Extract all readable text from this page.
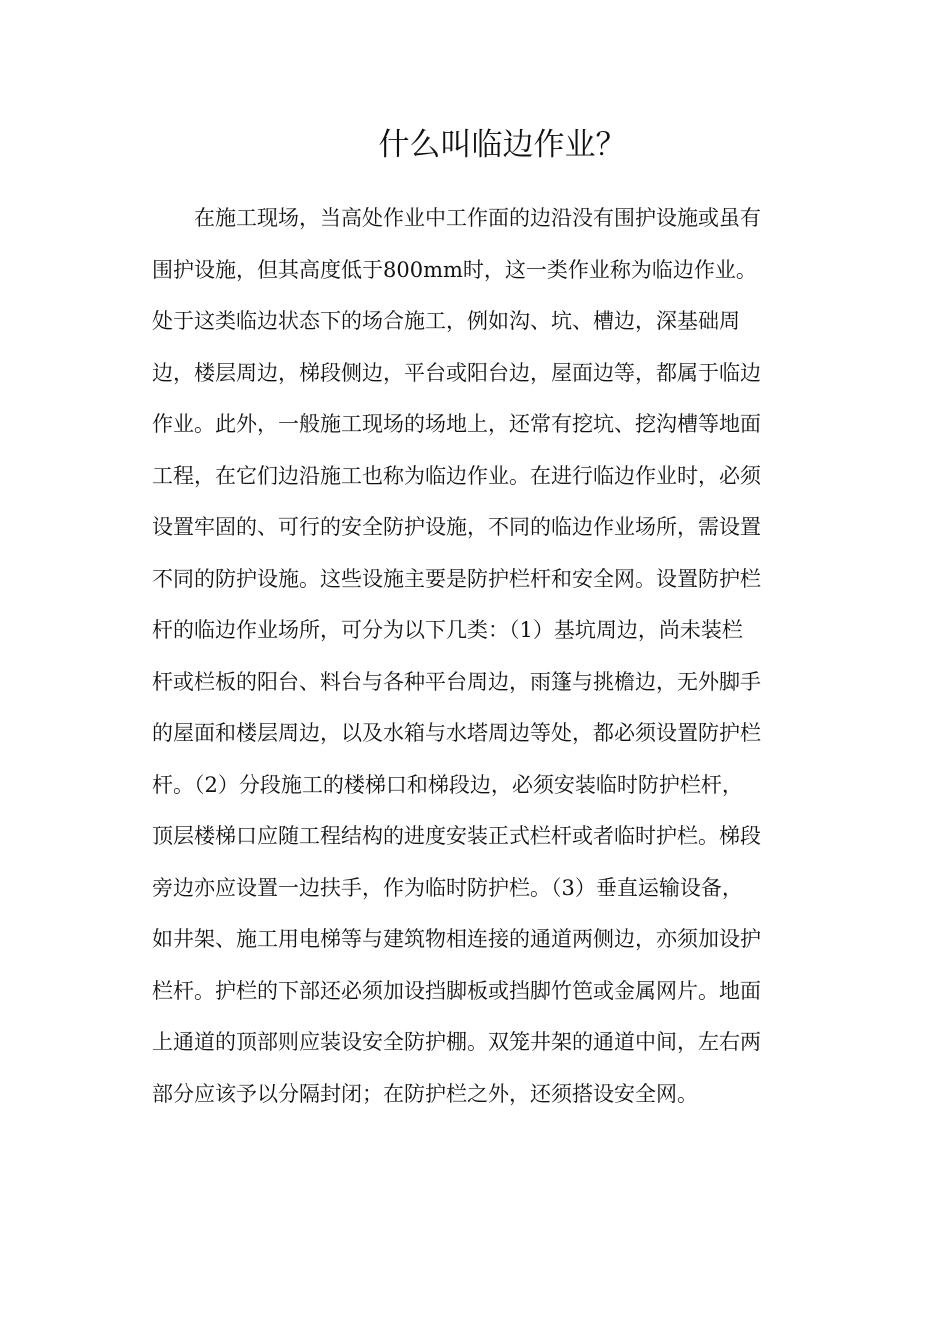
什么叫临边作业？
在施工现场，当高处作业中工作面的边沿没有围护设施或虽有
围护设施，但其高度低于800mm时，这一类作业称为临边作业。
处于这类临边状态下的场合施工，例如沟、坑、槽边，深基础周
边，楼层周边，梯段侧边，平台或阳台边，屋面边等，都属于临边
作业。此外，一般施工现场的场地上，还常有挖坑、挖沟槽等地面
工程，在它们边沿施工也称为临边作业。在进行临边作业时，必须
设置牢固的、可行的安全防护设施，不同的临边作业场所，需设置
不同的防护设施。这些设施主要是防护栏杆和安全网。设置防护栏
杆的临边作业场所，可分为以下几类：（1）基坑周边，尚未装栏
杆或栏板的阳台、料台与各种平台周边，雨篷与挑檐边，无外脚手
的屋面和楼层周边，以及水箱与水塔周边等处，都必须设置防护栏
杆。（2）分段施工的楼梯口和梯段边，必须安装临时防护栏杆，
顶层楼梯口应随工程结构的进度安装正式栏杆或者临时护栏。梯段
旁边亦应设置一边扶手，作为临时防护栏。（3）垂直运输设备，
如井架、施工用电梯等与建筑物相连接的通道两侧边，亦须加设护
栏杆。护栏的下部还必须加设挡脚板或挡脚竹笆或金属网片。地面
上通道的顶部则应装设安全防护棚。双笼井架的通道中间，左右两
部分应该予以分隔封闭；在防护栏之外，还须搭设安全网。
